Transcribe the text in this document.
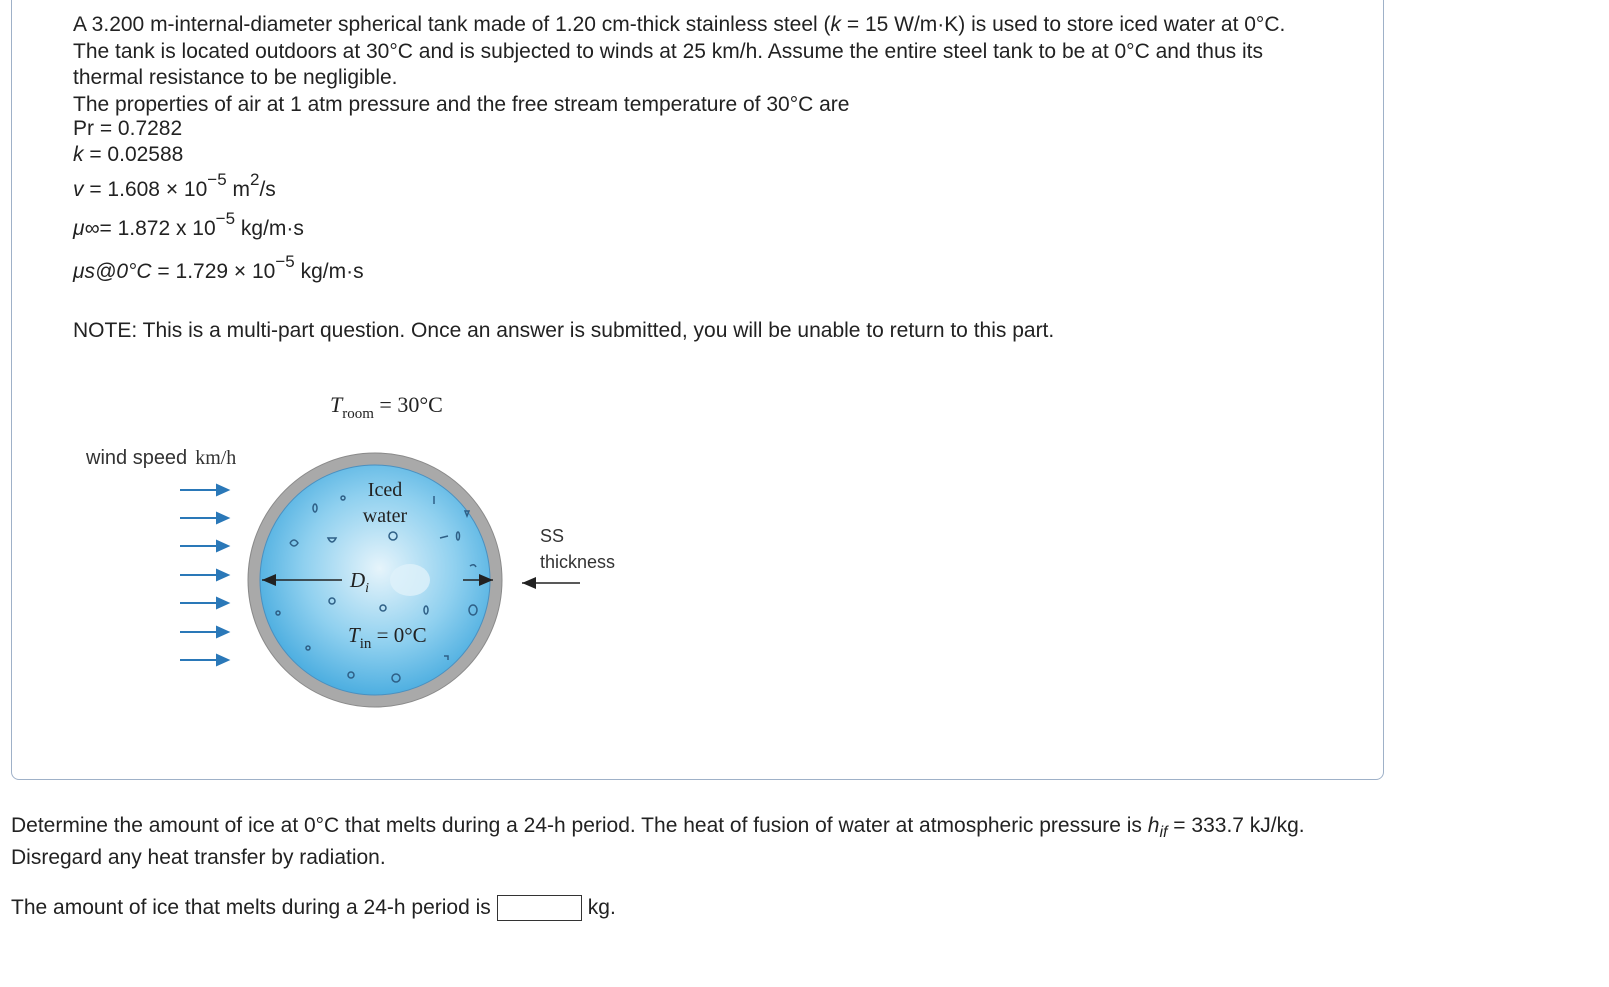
A 3.200 m-internal-diameter spherical tank made of 1.20 cm-thick stainless steel (k = 15 W/m·K) is used to store iced water at 0°C. The tank is located outdoors at 30°C and is subjected to winds at 25 km/h. Assume the entire steel tank to be at 0°C and thus its thermal resistance to be negligible.

The properties of air at 1 atm pressure and the free stream temperature of 30°C are

Pr = 0.7282
k = 0.02588
$v = 1.608 \times 10^{-5}$ $m^2/s$
μ∞= 1.872 x $10^{-5}$ kg/m·s
μs@0°C = $1.729 \times 10^{-5}$ kg/m·s
NOTE: This is a multi-part question. Once an answer is submitted, you will be unable to return to this part.
$T_{room} = 30^\circ C$
wind speed km/h
Iced
water
$D_i$
$T_{in} = 0^\circ C$
SS
thickness
Determine the amount of ice at 0°C that melts during a 24-h period. The heat of fusion of water at atmospheric pressure is $h_{if} = 333.7$ kJ/kg. Disregard any heat transfer by radiation.
The amount of ice that melts during a 24-h period is	kg.
